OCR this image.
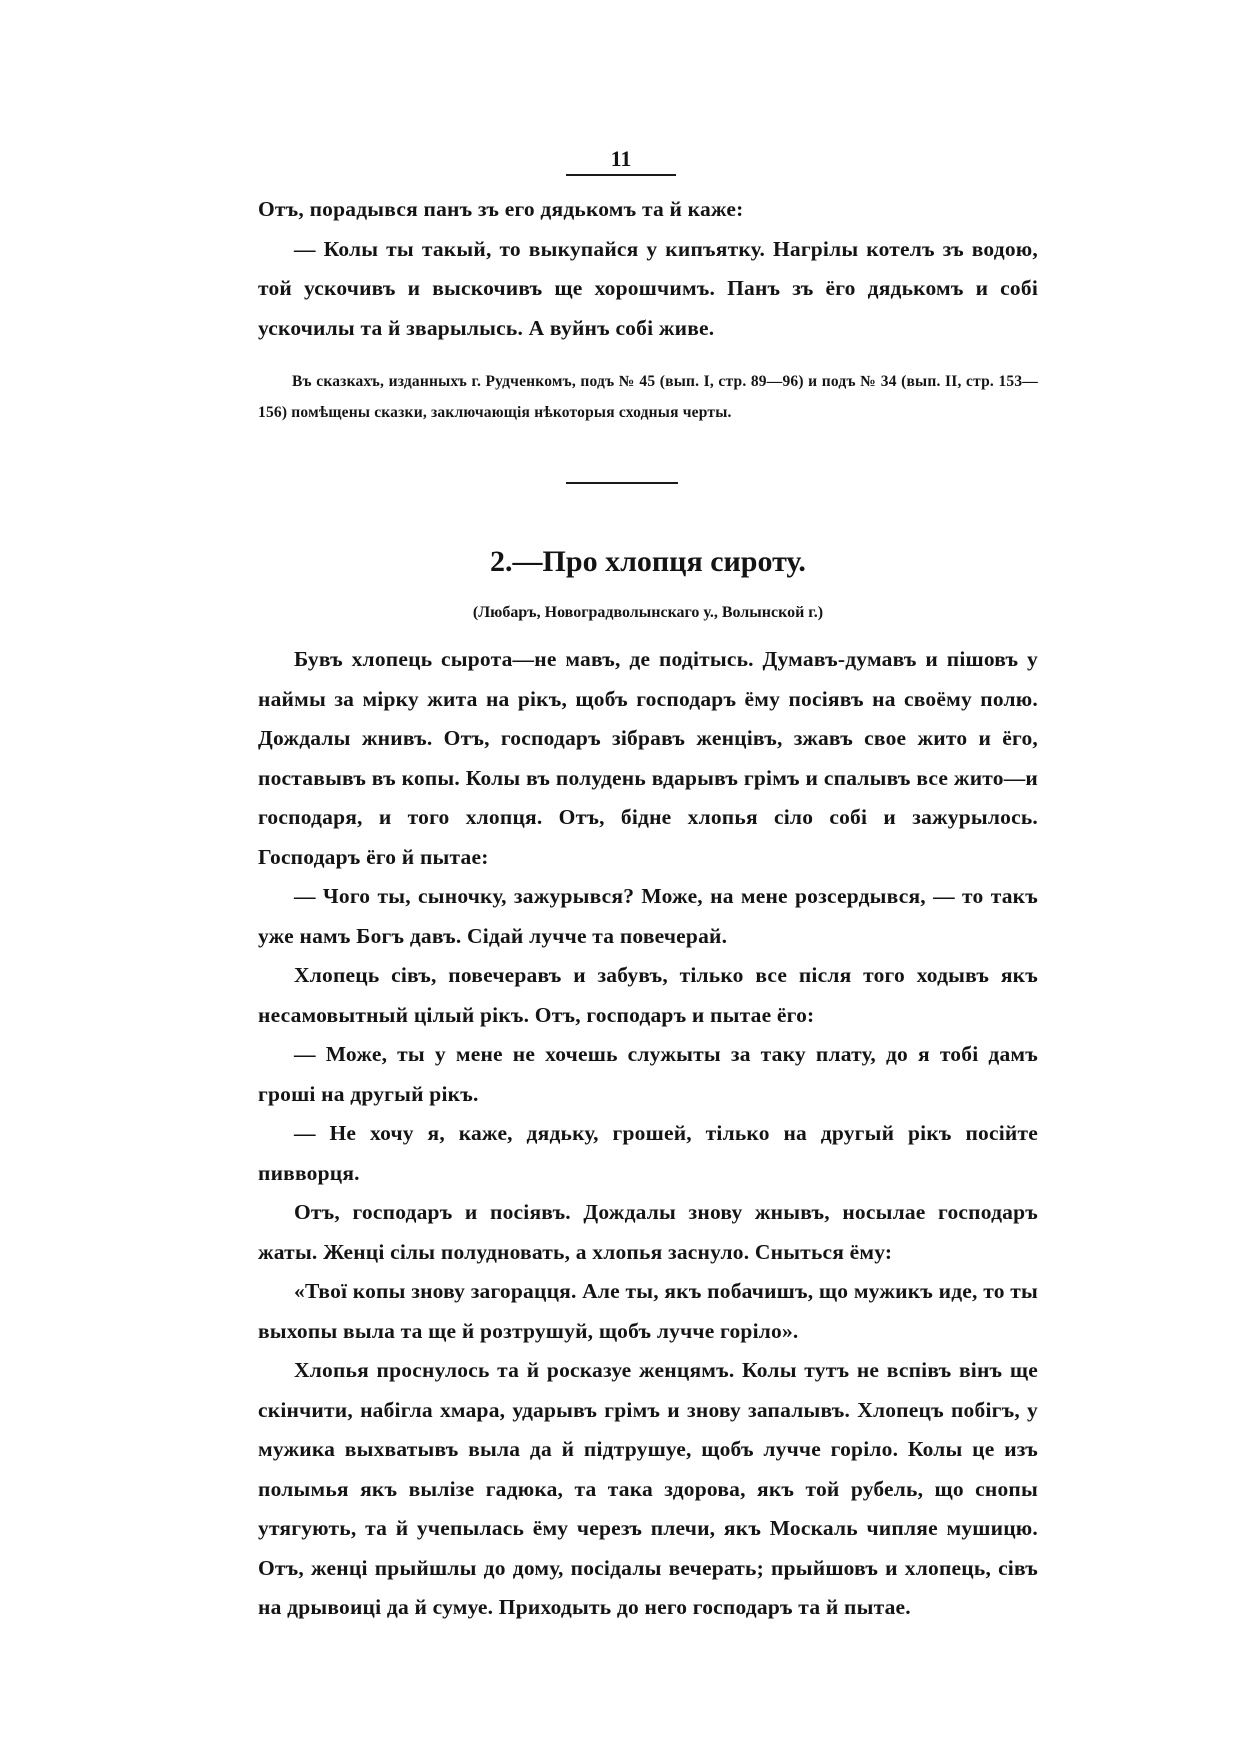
11

Отъ, порадывся панъ зъ его дядькомъ та й каже:

— Колы ты такый, то выкупайся у кипъятку. Нагрілы котелъ зъ водою, той ускочивъ и выскочивъ ще хорошчимъ. Панъ зъ ёго дядькомъ и собі ускочилы та й зварылысь. А вуйнъ собі живе.

Въ сказкахъ, изданныхъ г. Рудченкомъ, подъ № 45 (вып. I, стр. 89—96) и подъ № 34 (вып. II, стр. 153—156) помѣщены сказки, заключающія нѣкоторыя сходныя черты.
2.—Про хлопця сироту.
(Любаръ, Новоградволынскаго у., Волынской г.)

Бувъ хлопець сырота—не мавъ, де подітысь. Думавъ-думавъ и пішовъ у наймы за мірку жита на рікъ, щобъ господаръ ёму посіявъ на своёму полю. Дождалы жнивъ. Отъ, господаръ зібравъ женцівъ, зжавъ свое жито и ёго, поставывъ въ копы. Колы въ полудень вдарывъ грімъ и спалывъ все жито—и господаря, и того хлопця. Отъ, бідне хлопья сіло собі и зажурылось. Господаръ ёго й пытае:

— Чого ты, сыночку, зажурывся? Може, на мене розсердывся, — то такъ уже намъ Богъ давъ. Сідай лучче та повечерай.

Хлопець сівъ, повечеравъ и забувъ, тілько все після того ходывъ якъ несамовытный цілый рікъ. Отъ, господаръ и пытае ёго:

— Може, ты у мене не хочешь служыты за таку плату, до я тобі дамъ гроші на другый рікъ.

— Не хочу я, каже, дядьку, грошей, тілько на другый рікъ посійте пивворця.

Отъ, господаръ и посіявъ. Дождалы знову жнывъ, носылае господаръ жаты. Женці сілы полудновать, а хлопья заснуло. Сныться ёму:

«Твої копы знову загорацця. Але ты, якъ побачишъ, що мужикъ иде, то ты выхопы выла та ще й розтрушуй, щобъ лучче горіло».

Хлопья проснулось та й росказуе женцямъ. Колы тутъ не вспівъ вінъ ще скінчити, набігла хмара, ударывъ грімъ и знову запалывъ. Хлопецъ побігъ, у мужика выхватывъ выла да й підтрушуе, щобъ лучче горіло. Колы це изъ полымья якъ вылізе гадюка, та така здорова, якъ той рубель, що снопы утягують, та й учепылась ёму черезъ плечи, якъ Москаль чипляе мушицю. Отъ, женці прыйшлы до дому, посідалы вечерать; прыйшовъ и хлопець, сівъ на дрывоиці да й сумуе. Приходыть до него господаръ та й пытае.
